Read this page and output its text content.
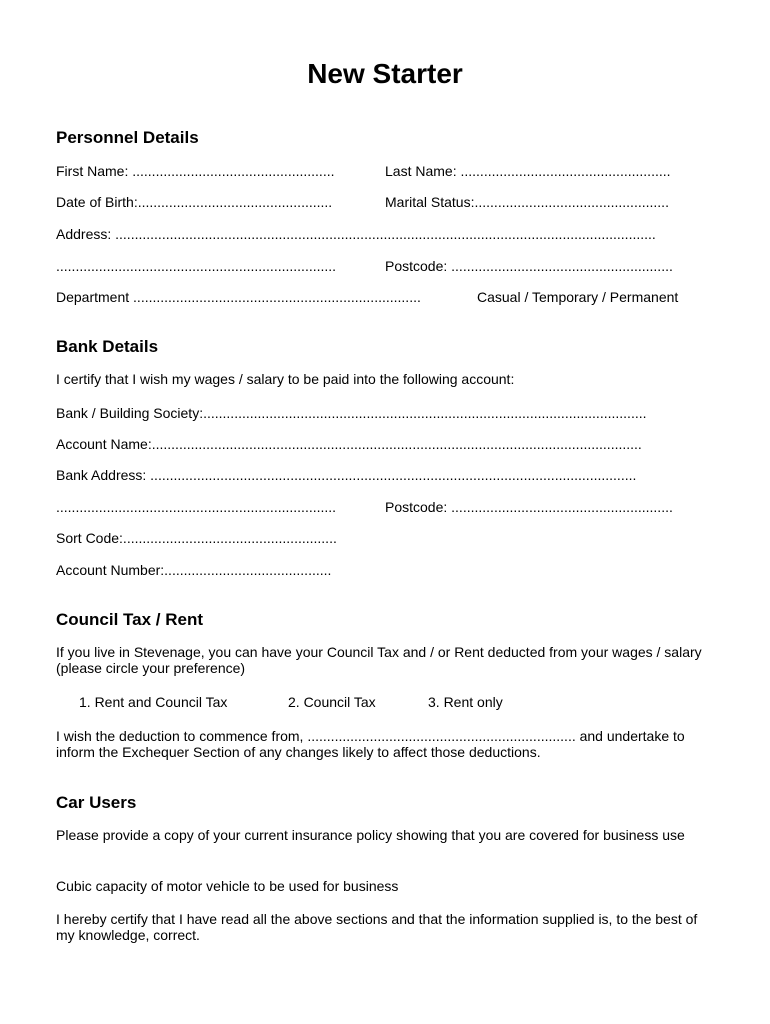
New Starter
Personnel Details
First Name: ....................................................	Last Name: ......................................................
Date of Birth:..................................................	Marital Status:..................................................
Address: ...........................................................................................................................................
........................................................................	Postcode: .........................................................
Department ..........................................................................	Casual / Temporary / Permanent
Bank Details
I certify that I wish my wages / salary to be paid into the following account:
Bank / Building Society:..................................................................................................................
Account Name:..............................................................................................................................
Bank Address: .............................................................................................................................
........................................................................	Postcode: .........................................................
Sort Code:.......................................................
Account Number:...........................................
Council Tax / Rent
If you live in Stevenage, you can have your Council Tax and / or Rent deducted from your wages / salary (please circle your preference)
1. Rent and Council Tax	2. Council Tax	3. Rent only
I wish the deduction to commence from, ..................................................................... and undertake to inform the Exchequer Section of any changes likely to affect those deductions.
Car Users
Please provide a copy of your current insurance policy showing that you are covered for business use
Cubic capacity of motor vehicle to be used for business
I hereby certify that I have read all the above sections and that the information supplied is, to the best of my knowledge, correct.
